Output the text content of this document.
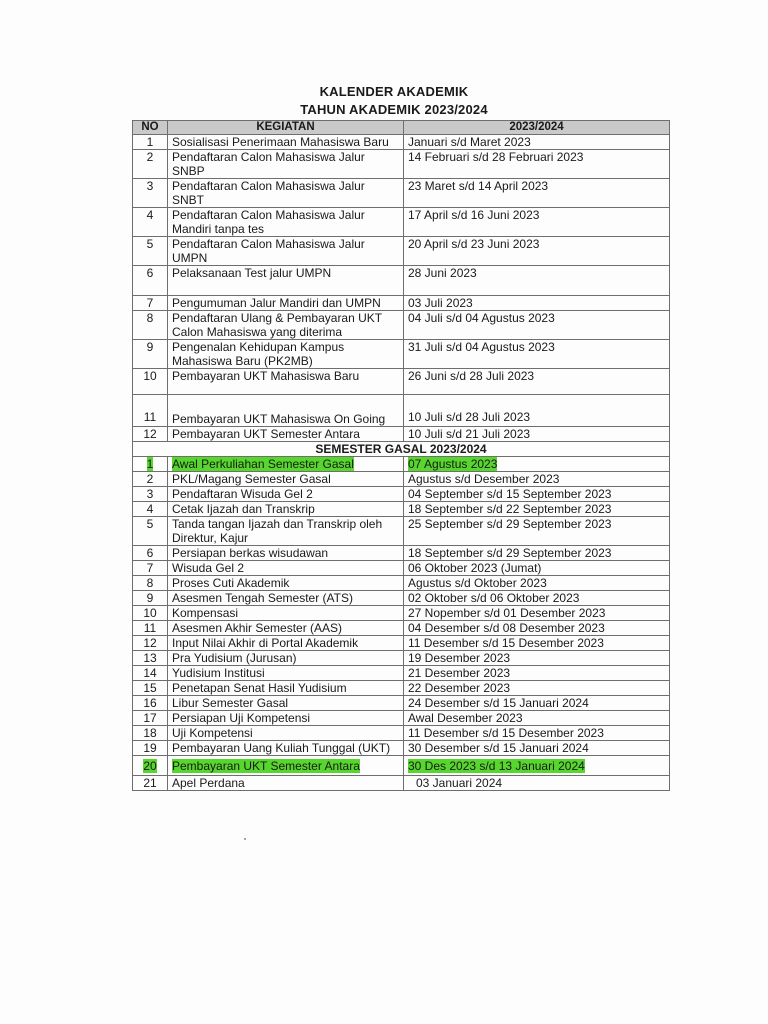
KALENDER AKADEMIK
TAHUN AKADEMIK 2023/2024
NO	KEGIATAN	2023/2024
1	Sosialisasi Penerimaan Mahasiswa Baru	Januari s/d Maret 2023
2	Pendaftaran Calon Mahasiswa Jalur SNBP	14 Februari s/d 28 Februari 2023
3	Pendaftaran Calon Mahasiswa Jalur SNBT	23 Maret s/d 14 April 2023
4	Pendaftaran Calon Mahasiswa Jalur Mandiri tanpa tes	17 April s/d 16 Juni 2023
5	Pendaftaran Calon Mahasiswa Jalur UMPN	20 April s/d 23 Juni 2023
6	Pelaksanaan Test jalur UMPN	28 Juni 2023
7	Pengumuman Jalur Mandiri dan UMPN	03 Juli 2023
8	Pendaftaran Ulang & Pembayaran UKT Calon Mahasiswa yang diterima	04 Juli s/d 04 Agustus 2023
9	Pengenalan Kehidupan Kampus Mahasiswa Baru (PK2MB)	31 Juli s/d 04 Agustus 2023
10	Pembayaran UKT Mahasiswa Baru	26 Juni s/d 28 Juli 2023
11	Pembayaran UKT Mahasiswa On Going	10 Juli s/d 28 Juli 2023
12	Pembayaran UKT Semester Antara	10 Juli s/d 21 Juli 2023
SEMESTER GASAL 2023/2024		
1	Awal Perkuliahan Semester Gasal	07 Agustus 2023
2	PKL/Magang Semester Gasal	Agustus s/d Desember 2023
3	Pendaftaran Wisuda Gel 2	04 September s/d 15 September 2023
4	Cetak Ijazah dan Transkrip	18 September s/d 22 September 2023
5	Tanda tangan Ijazah dan Transkrip oleh Direktur, Kajur	25 September s/d 29 September 2023
6	Persiapan berkas wisudawan	18 September s/d 29 September 2023
7	Wisuda Gel 2	06 Oktober 2023 (Jumat)
8	Proses Cuti Akademik	Agustus s/d Oktober 2023
9	Asesmen Tengah Semester (ATS)	02 Oktober s/d 06 Oktober 2023
10	Kompensasi	27 Nopember s/d 01 Desember 2023
11	Asesmen Akhir Semester (AAS)	04 Desember s/d 08 Desember 2023
12	Input Nilai Akhir di Portal Akademik	11 Desember s/d 15 Desember 2023
13	Pra Yudisium (Jurusan)	19 Desember 2023
14	Yudisium Institusi	21 Desember 2023
15	Penetapan Senat Hasil Yudisium	22 Desember 2023
16	Libur Semester Gasal	24 Desember s/d 15 Januari 2024
17	Persiapan Uji Kompetensi	Awal Desember 2023
18	Uji Kompetensi	11 Desember s/d 15 Desember 2023
19	Pembayaran Uang Kuliah Tunggal (UKT)	30 Desember s/d 15 Januari 2024
20	Pembayaran UKT Semester Antara	30 Des 2023 s/d 13 Januari 2024
21	Apel Perdana	03 Januari 2024
